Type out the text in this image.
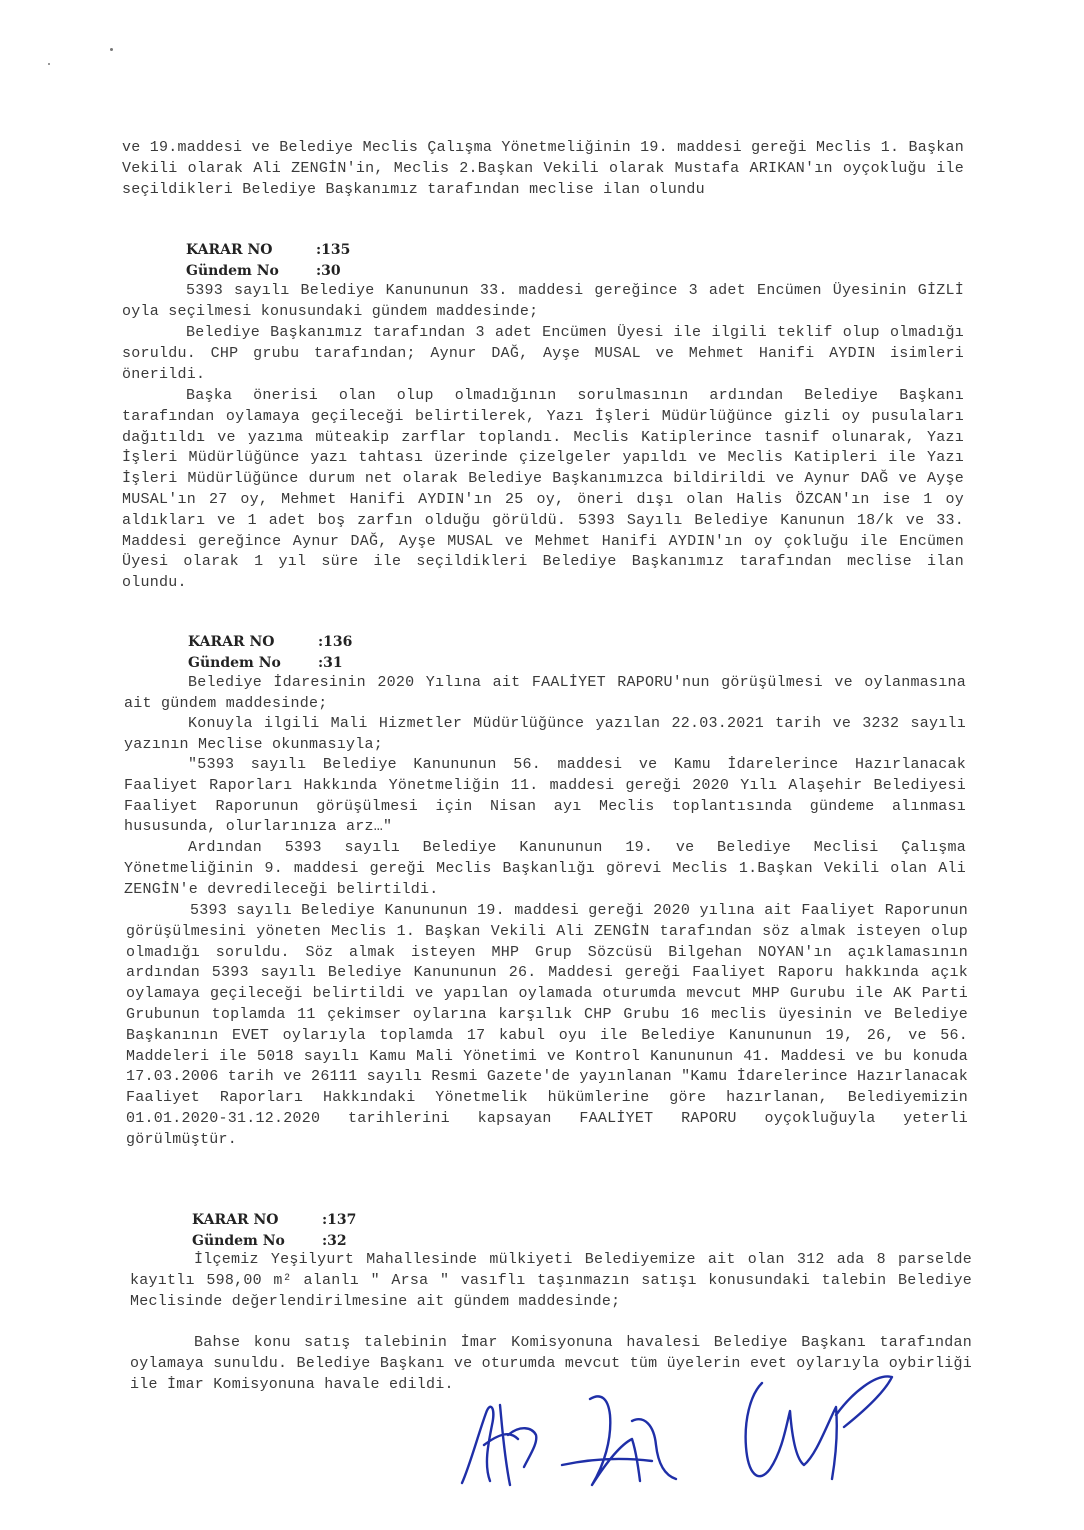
ve 19.maddesi ve Belediye Meclis Çalışma Yönetmeliğinin 19. maddesi gereği Meclis 1. Başkan Vekili olarak Ali ZENGİN'in, Meclis 2.Başkan Vekili olarak Mustafa ARIKAN'ın oyçokluğu ile seçildikleri Belediye Başkanımız tarafından meclise ilan olundu

KARAR NO	:135
Gündem No	:30

5393 sayılı Belediye Kanununun 33. maddesi gereğince 3 adet Encümen Üyesinin GİZLİ oyla seçilmesi konusundaki gündem maddesinde;

Belediye Başkanımız tarafından 3 adet Encümen Üyesi ile ilgili teklif olup olmadığı soruldu. CHP grubu tarafından; Aynur DAĞ, Ayşe MUSAL ve Mehmet Hanifi AYDIN isimleri önerildi.

Başka önerisi olan olup olmadığının sorulmasının ardından Belediye Başkanı tarafından oylamaya geçileceği belirtilerek, Yazı İşleri Müdürlüğünce gizli oy pusulaları dağıtıldı ve yazıma müteakip zarflar toplandı. Meclis Katiplerince tasnif olunarak, Yazı İşleri Müdürlüğünce yazı tahtası üzerinde çizelgeler yapıldı ve Meclis Katipleri ile Yazı İşleri Müdürlüğünce durum net olarak Belediye Başkanımızca bildirildi ve Aynur DAĞ ve Ayşe MUSAL'ın 27 oy, Mehmet Hanifi AYDIN'ın 25 oy, öneri dışı olan Halis ÖZCAN'ın ise 1 oy aldıkları ve 1 adet boş zarfın olduğu görüldü. 5393 Sayılı Belediye Kanunun 18/k ve 33. Maddesi gereğince Aynur DAĞ, Ayşe MUSAL ve Mehmet Hanifi AYDIN'ın oy çokluğu ile Encümen Üyesi olarak 1 yıl süre ile seçildikleri Belediye Başkanımız tarafından meclise ilan olundu.

KARAR NO	:136
Gündem No	:31

Belediye İdaresinin 2020 Yılına ait FAALİYET RAPORU'nun görüşülmesi ve oylanmasına ait gündem maddesinde;

Konuyla ilgili Mali Hizmetler Müdürlüğünce yazılan 22.03.2021 tarih ve 3232 sayılı yazının Meclise okunmasıyla;

"5393 sayılı Belediye Kanununun 56. maddesi ve Kamu İdarelerince Hazırlanacak Faaliyet Raporları Hakkında Yönetmeliğin 11. maddesi gereği 2020 Yılı Alaşehir Belediyesi Faaliyet Raporunun görüşülmesi için Nisan ayı Meclis toplantısında gündeme alınması hususunda, olurlarınıza arz…"

Ardından 5393 sayılı Belediye Kanununun 19. ve Belediye Meclisi Çalışma Yönetmeliğinin 9. maddesi gereği Meclis Başkanlığı görevi Meclis 1.Başkan Vekili olan Ali ZENGİN'e devredileceği belirtildi.

5393 sayılı Belediye Kanununun 19. maddesi gereği 2020 yılına ait Faaliyet Raporunun görüşülmesini yöneten Meclis 1. Başkan Vekili Ali ZENGİN tarafından söz almak isteyen olup olmadığı soruldu. Söz almak isteyen MHP Grup Sözcüsü Bilgehan NOYAN'ın açıklamasının ardından 5393 sayılı Belediye Kanununun 26. Maddesi gereği Faaliyet Raporu hakkında açık oylamaya geçileceği belirtildi ve yapılan oylamada oturumda mevcut MHP Gurubu ile AK Parti Grubunun toplamda 11 çekimser oylarına karşılık CHP Grubu 16 meclis üyesinin ve Belediye Başkanının EVET oylarıyla toplamda 17 kabul oyu ile Belediye Kanununun 19, 26, ve 56. Maddeleri ile 5018 sayılı Kamu Mali Yönetimi ve Kontrol Kanununun 41. Maddesi ve bu konuda 17.03.2006 tarih ve 26111 sayılı Resmi Gazete'de yayınlanan "Kamu İdarelerince Hazırlanacak Faaliyet Raporları Hakkındaki Yönetmelik hükümlerine göre hazırlanan, Belediyemizin 01.01.2020-31.12.2020 tarihlerini kapsayan FAALİYET RAPORU oyçokluğuyla yeterli görülmüştür.

KARAR NO	:137
Gündem No	:32

İlçemiz Yeşilyurt Mahallesinde mülkiyeti Belediyemize ait olan 312 ada 8 parselde kayıtlı 598,00 m² alanlı " Arsa " vasıflı taşınmazın satışı konusundaki talebin Belediye Meclisinde değerlendirilmesine ait gündem maddesinde;

Bahse konu satış talebinin İmar Komisyonuna havalesi Belediye Başkanı tarafından oylamaya sunuldu. Belediye Başkanı ve oturumda mevcut tüm üyelerin evet oylarıyla oybirliği ile İmar Komisyonuna havale edildi.
